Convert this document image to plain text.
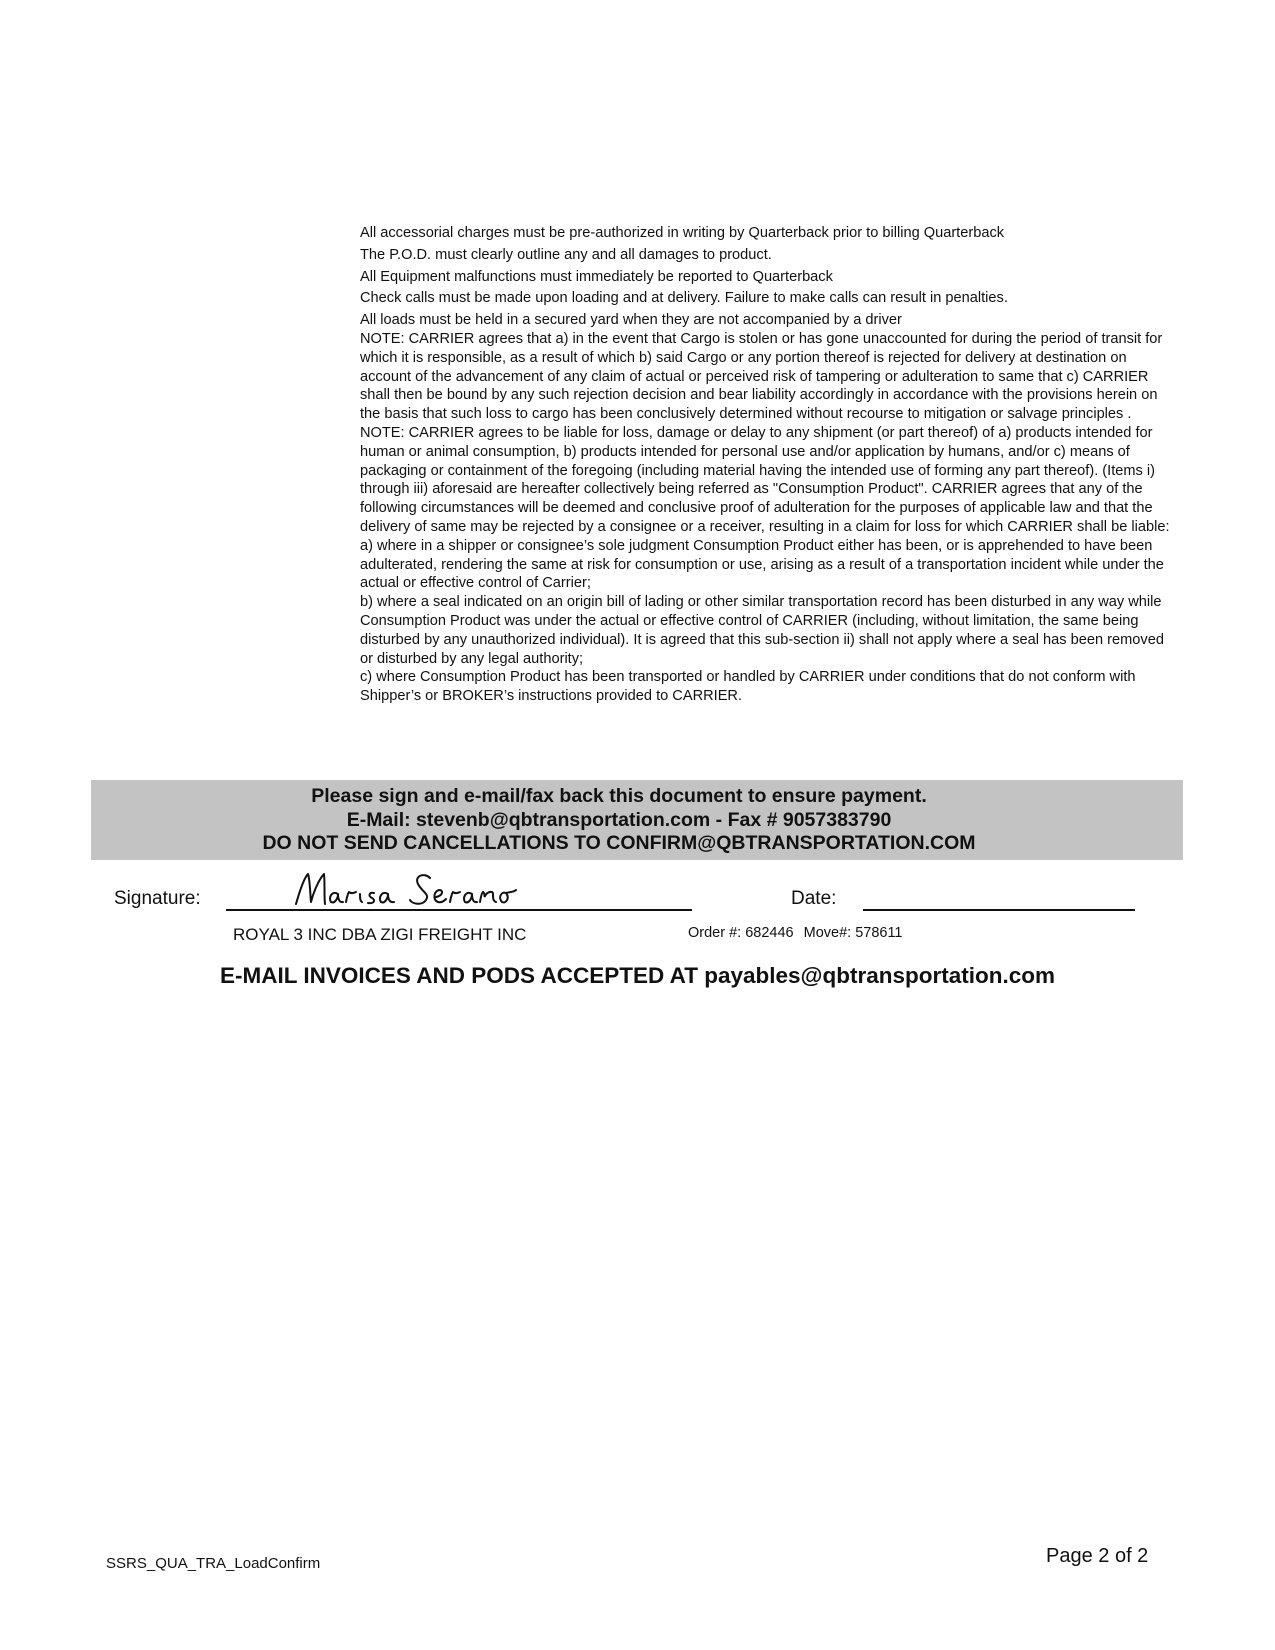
All accessorial charges must be pre-authorized in writing by Quarterback prior to billing Quarterback

The P.O.D. must clearly outline any and all damages to product.

All Equipment malfunctions must immediately be reported to Quarterback

Check calls must be made upon loading and at delivery. Failure to make calls can result in penalties.

All loads must be held in a secured yard when they are not accompanied by a driver

NOTE: CARRIER agrees that a) in the event that Cargo is stolen or has gone unaccounted for during the period of transit for which it is responsible, as a result of which b) said Cargo or any portion thereof is rejected for delivery at destination on account of the advancement of any claim of actual or perceived risk of tampering or adulteration to same that c) CARRIER shall then be bound by any such rejection decision and bear liability accordingly in accordance with the provisions herein on the basis that such loss to cargo has been conclusively determined without recourse to mitigation or salvage principles .

NOTE: CARRIER agrees to be liable for loss, damage or delay to any shipment (or part thereof) of a) products intended for human or animal consumption, b) products intended for personal use and/or application by humans, and/or c) means of packaging or containment of the foregoing (including material having the intended use of forming any part thereof). (Items i) through iii) aforesaid are hereafter collectively being referred as "Consumption Product". CARRIER agrees that any of the following circumstances will be deemed and conclusive proof of adulteration for the purposes of applicable law and that the delivery of same may be rejected by a consignee or a receiver, resulting in a claim for loss for which CARRIER shall be liable:

a) where in a shipper or consignee’s sole judgment Consumption Product either has been, or is apprehended to have been adulterated, rendering the same at risk for consumption or use, arising as a result of a transportation incident while under the actual or effective control of Carrier;

b) where a seal indicated on an origin bill of lading or other similar transportation record has been disturbed in any way while Consumption Product was under the actual or effective control of CARRIER (including, without limitation, the same being disturbed by any unauthorized individual). It is agreed that this sub-section ii) shall not apply where a seal has been removed or disturbed by any legal authority;

c) where Consumption Product has been transported or handled by CARRIER under conditions that do not conform with Shipper’s or BROKER’s instructions provided to CARRIER.

Please sign and e-mail/fax back this document to ensure payment.
E-Mail: stevenb@qbtransportation.com - Fax # 9057383790
DO NOT SEND CANCELLATIONS TO CONFIRM@QBTRANSPORTATION.COM
Signature:	Date:
ROYAL 3 INC DBA ZIGI FREIGHT INC	Order #: 682446 Move#: 578611
E-MAIL INVOICES AND PODS ACCEPTED AT payables@qbtransportation.com
SSRS_QUA_TRA_LoadConfirm	Page 2 of 2
